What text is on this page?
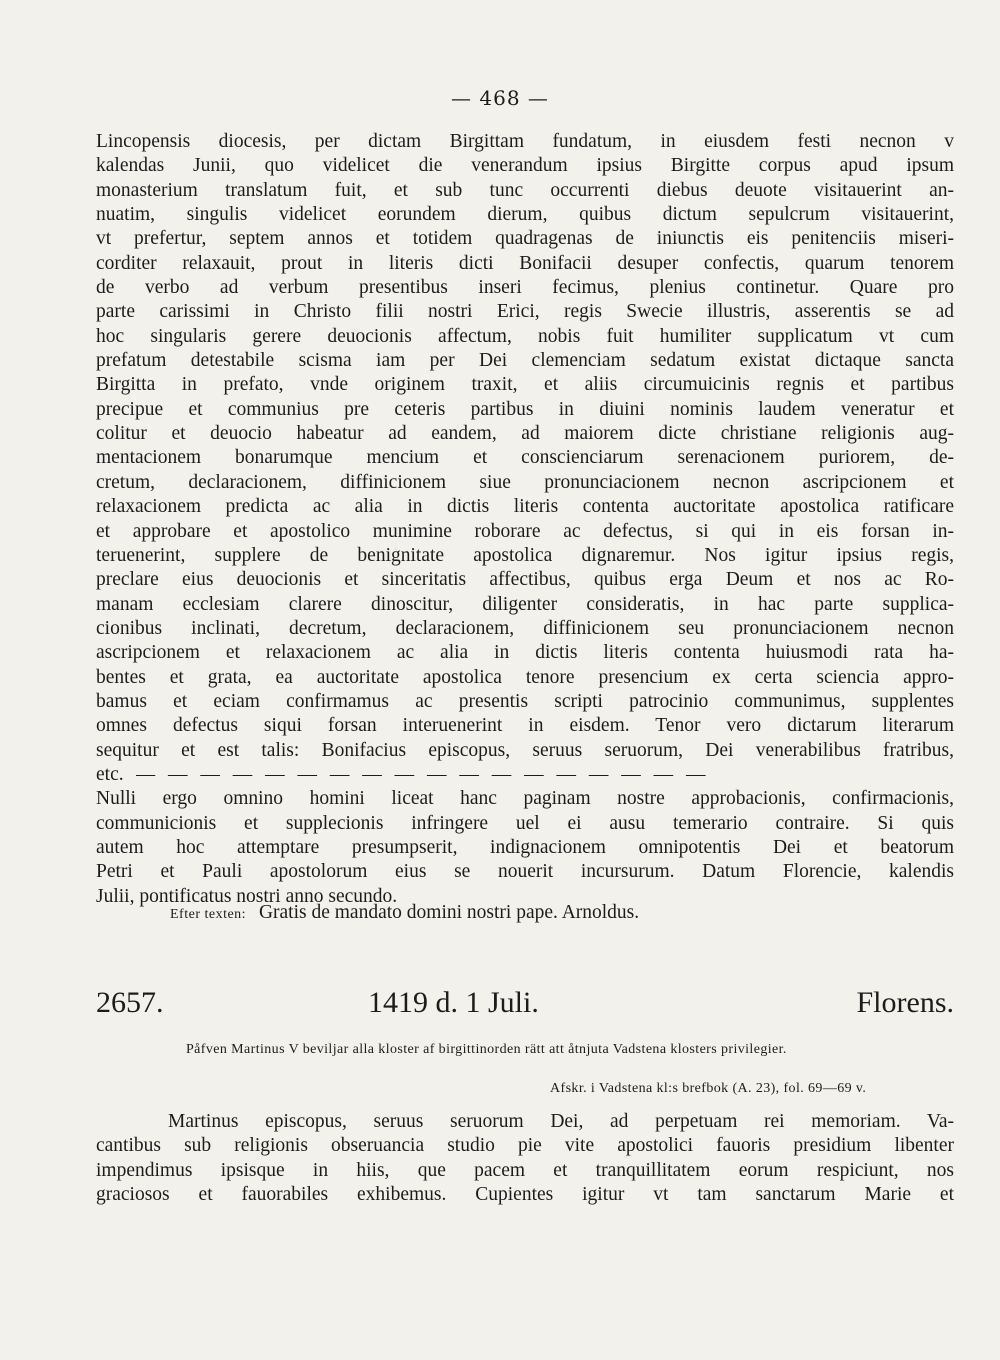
— 468 —
Lincopensis diocesis, per dictam Birgittam fundatum, in eiusdem festi necnon v
kalendas Junii, quo videlicet die venerandum ipsius Birgitte corpus apud ipsum
monasterium translatum fuit, et sub tunc occurrenti diebus deuote visitauerint an-
nuatim, singulis videlicet eorundem dierum, quibus dictum sepulcrum visitauerint,
vt prefertur, septem annos et totidem quadragenas de iniunctis eis penitenciis miseri-
corditer relaxauit, prout in literis dicti Bonifacii desuper confectis, quarum tenorem
de verbo ad verbum presentibus inseri fecimus, plenius continetur. Quare pro
parte carissimi in Christo filii nostri Erici, regis Swecie illustris, asserentis se ad
hoc singularis gerere deuocionis affectum, nobis fuit humiliter supplicatum vt cum
prefatum detestabile scisma iam per Dei clemenciam sedatum existat dictaque sancta
Birgitta in prefato, vnde originem traxit, et aliis circumuicinis regnis et partibus
precipue et communius pre ceteris partibus in diuini nominis laudem veneratur et
colitur et deuocio habeatur ad eandem, ad maiorem dicte christiane religionis aug-
mentacionem bonarumque mencium et conscienciarum serenacionem puriorem, de-
cretum, declaracionem, diffinicionem siue pronunciacionem necnon ascripcionem et
relaxacionem predicta ac alia in dictis literis contenta auctoritate apostolica ratificare
et approbare et apostolico munimine roborare ac defectus, si qui in eis forsan in-
teruenerint, supplere de benignitate apostolica dignaremur. Nos igitur ipsius regis,
preclare eius deuocionis et sinceritatis affectibus, quibus erga Deum et nos ac Ro-
manam ecclesiam clarere dinoscitur, diligenter consideratis, in hac parte supplica-
cionibus inclinati, decretum, declaracionem, diffinicionem seu pronunciacionem necnon
ascripcionem et relaxacionem ac alia in dictis literis contenta huiusmodi rata ha-
bentes et grata, ea auctoritate apostolica tenore presencium ex certa sciencia appro-
bamus et eciam confirmamus ac presentis scripti patrocinio communimus, supplentes
omnes defectus siqui forsan interuenerint in eisdem. Tenor vero dictarum literarum
sequitur et est talis: Bonifacius episcopus, seruus seruorum, Dei venerabilibus fratribus,
etc. — — — — — — — — — — — — — — — — — —
Nulli ergo omnino homini liceat hanc paginam nostre approbacionis, confirmacionis,
communicionis et supplecionis infringere uel ei ausu temerario contraire. Si quis
autem hoc attemptare presumpserit, indignacionem omnipotentis Dei et beatorum
Petri et Pauli apostolorum eius se nouerit incursurum. Datum Florencie, kalendis
Julii, pontificatus nostri anno secundo.
Efter texten: Gratis de mandato domini nostri pape. Arnoldus.
2657.	1419 d. 1 Juli.	Florens.
Påfven Martinus V beviljar alla kloster af birgittinorden rätt att åtnjuta Vadstena klosters privilegier.
Afskr. i Vadstena kl:s brefbok (A. 23), fol. 69—69 v.
Martinus episcopus, seruus seruorum Dei, ad perpetuam rei memoriam. Va-
cantibus sub religionis obseruancia studio pie vite apostolici fauoris presidium libenter
impendimus ipsisque in hiis, que pacem et tranquillitatem eorum respiciunt, nos
graciosos et fauorabiles exhibemus. Cupientes igitur vt tam sanctarum Marie et
